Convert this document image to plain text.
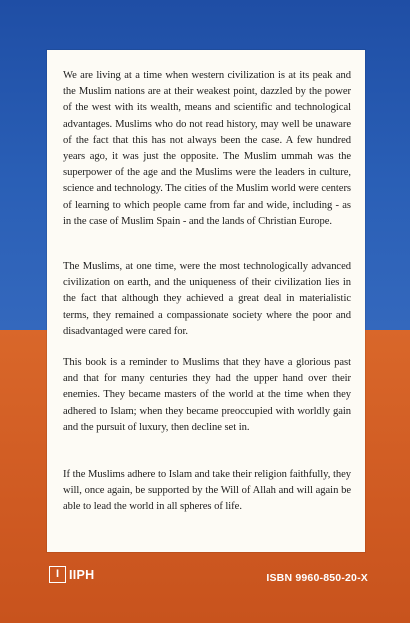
We are living at a time when western civilization is at its peak and the Muslim nations are at their weakest point, dazzled by the power of the west with its wealth, means and scientific and technological advantages. Muslims who do not read history, may well be unaware of the fact that this has not always been the case. A few hundred years ago, it was just the opposite. The Muslim ummah was the superpower of the age and the Muslims were the leaders in culture, science and technology. The cities of the Muslim world were centers of learning to which people came from far and wide, including - as in the case of Muslim Spain - and the lands of Christian Europe.

The Muslims, at one time, were the most technologically advanced civilization on earth, and the uniqueness of their civilization lies in the fact that although they achieved a great deal in materialistic terms, they remained a compassionate society where the poor and disadvantaged were cared for.

This book is a reminder to Muslims that they have a glorious past and that for many centuries they had the upper hand over their enemies. They became masters of the world at the time when they adhered to Islam; when they became preoccupied with worldly gain and the pursuit of luxury, then decline set in.

If the Muslims adhere to Islam and take their religion faithfully, they will, once again, be supported by the Will of Allah and will again be able to lead the world in all spheres of life.

I IIPH	ISBN 9960-850-20-X
